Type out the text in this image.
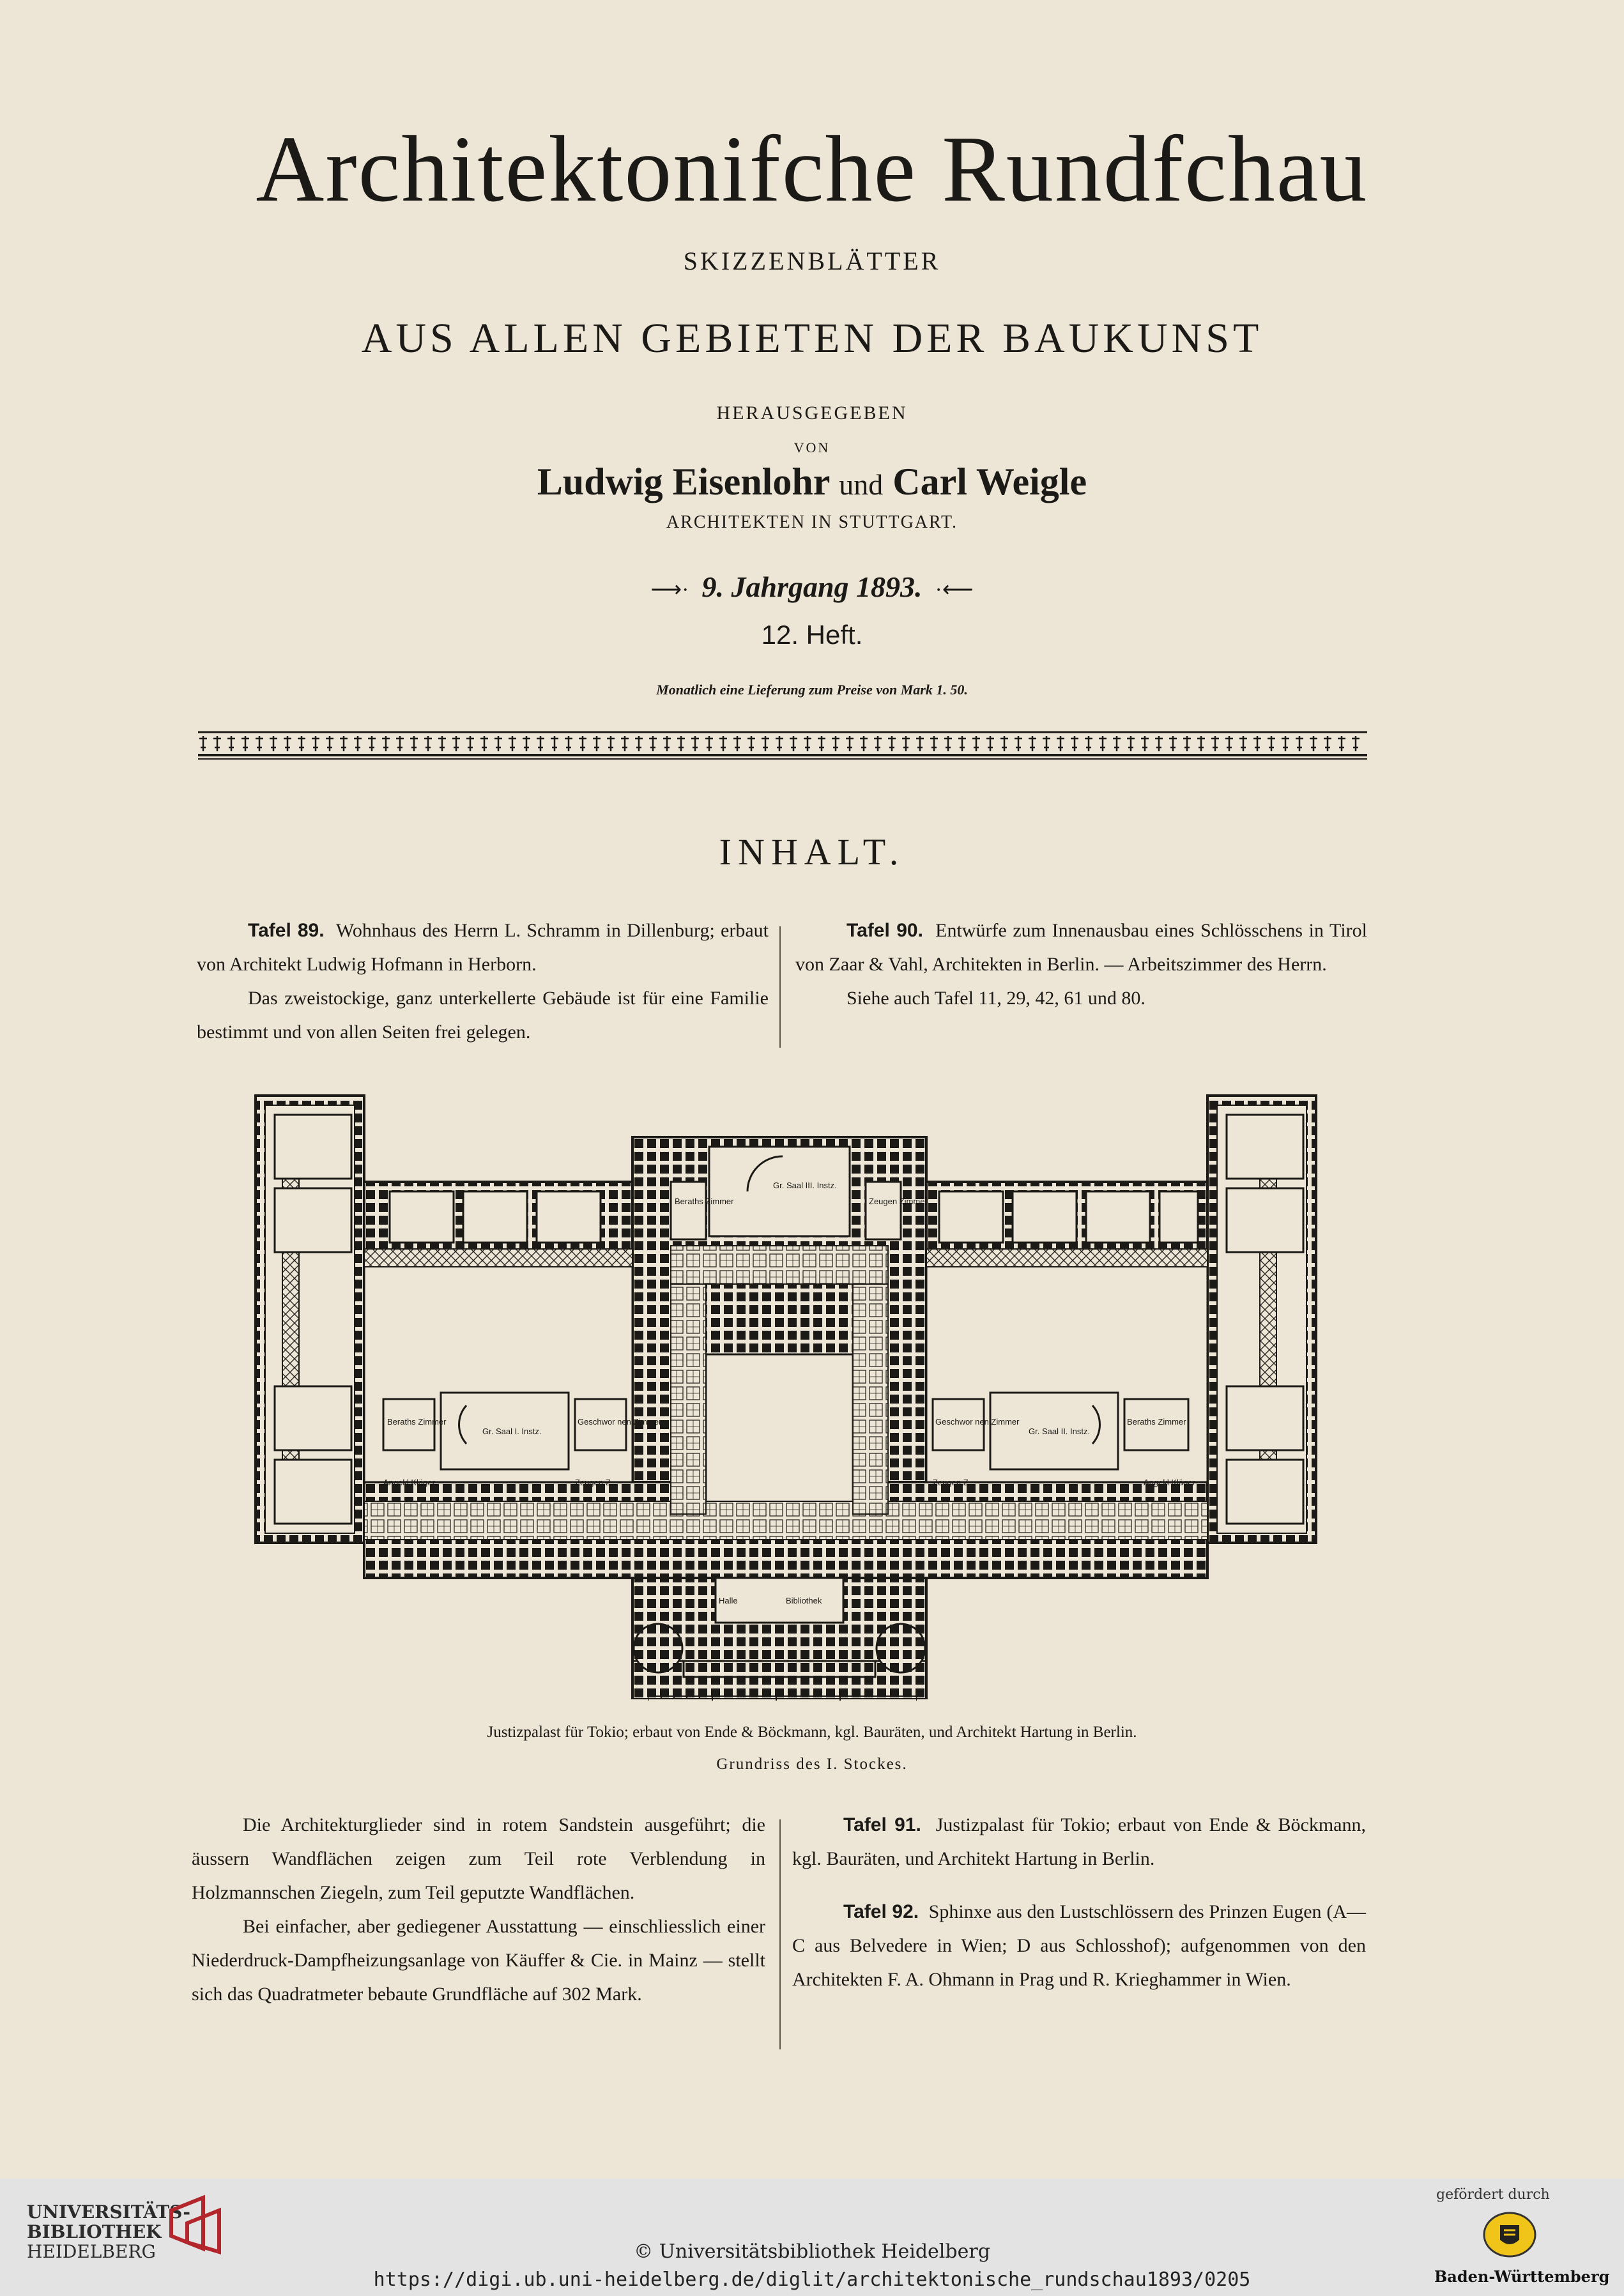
Architektonifche Rundfchau
SKIZZENBLÄTTER
AUS ALLEN GEBIETEN DER BAUKUNST
HERAUSGEGEBEN
VON
Ludwig Eisenlohr und Carl Weigle
ARCHITEKTEN IN STUTTGART.
⟶·  9. Jahrgang 1893.  ·⟵
12. Heft.
Monatlich eine Lieferung zum Preise von Mark 1. 50.
INHALT.

Tafel 89. Wohnhaus des Herrn L. Schramm in Dillenburg; erbaut von Architekt Ludwig Hofmann in Herborn.

Das zweistockige, ganz unterkellerte Gebäude ist für eine Familie bestimmt und von allen Seiten frei gelegen.

Tafel 90. Entwürfe zum Innenausbau eines Schlösschens in Tirol von Zaar & Vahl, Architekten in Berlin. — Arbeitszimmer des Herrn.

Siehe auch Tafel 11, 29, 42, 61 und 80.

Gr. Saal III. Instz.
Gr. Saal I. Instz.	Gr. Saal II. Instz.
Beraths Zimmer	Zeugen Zimmer
Beraths Zimmer	Geschwor nen Zimmer	Geschwor nen Zimmer	Beraths Zimmer
Zeugen Z.	Zeugen Z.
Angekl Kläger	Angekl Kläger
Halle	Bibliothek
Justizpalast für Tokio; erbaut von Ende & Böckmann, kgl. Bauräten, und Architekt Hartung in Berlin.
Grundriss des I. Stockes.

Die Architekturglieder sind in rotem Sandstein ausgeführt; die äussern Wandflächen zeigen zum Teil rote Verblendung in Holzmannschen Ziegeln, zum Teil geputzte Wandflächen.

Bei einfacher, aber gediegener Ausstattung — einschliesslich einer Niederdruck-Dampfheizungsanlage von Käuffer & Cie. in Mainz — stellt sich das Quadratmeter bebaute Grundfläche auf 302 Mark.

Tafel 91. Justizpalast für Tokio; erbaut von Ende & Böckmann, kgl. Bauräten, und Architekt Hartung in Berlin.

Tafel 92. Sphinxe aus den Lustschlössern des Prinzen Eugen (A—C aus Belvedere in Wien; D aus Schlosshof); aufgenommen von den Architekten F. A. Ohmann in Prag und R. Krieghammer in Wien.

UNIVERSITÄTS-
BIBLIOTHEK
HEIDELBERG	© Universitätsbibliothek Heidelberg
https://digi.ub.uni-heidelberg.de/diglit/architektonische_rundschau1893/0205
gefördert durch
Baden-Württemberg
